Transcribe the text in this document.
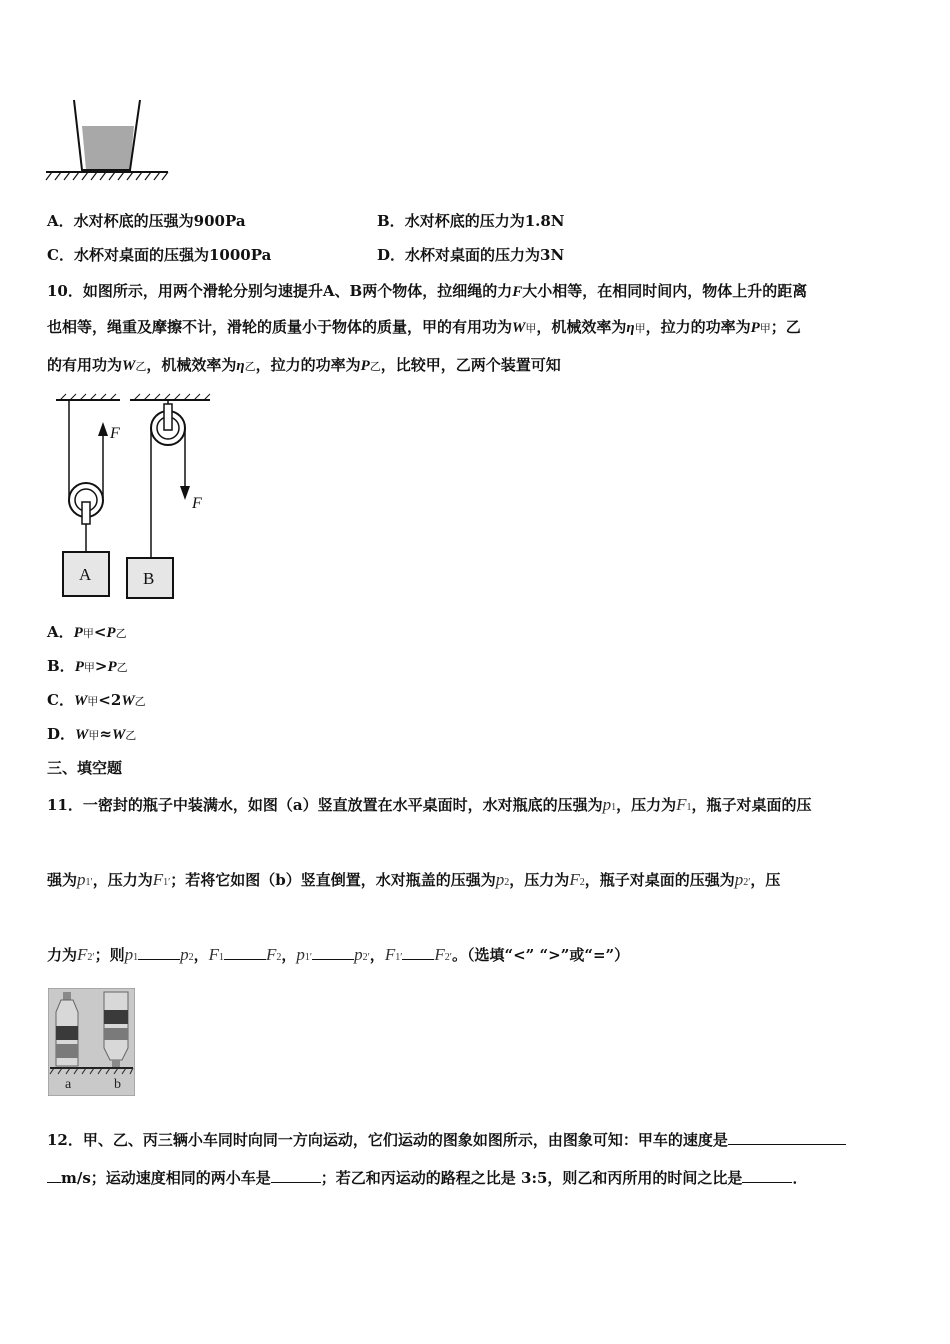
A．水对杯底的压强为900Pa	B．水对杯底的压力为1.8N
C．水杯对桌面的压强为1000Pa	D．水杯对桌面的压力为3N
10．如图所示，用两个滑轮分别匀速提升A、B两个物体，拉细绳的力F大小相等，在相同时间内，物体上升的距离
也相等，绳重及摩擦不计，滑轮的质量小于物体的质量，甲的有用功为W甲，机械效率为η甲，拉力的功率为P甲；乙
的有用功为W乙，机械效率为η乙，拉力的功率为P乙，比较甲，乙两个装置可知
F
A
F
B
A．P甲<P乙
B．P甲>P乙
C．W甲<2W乙
D．W甲≈W乙
三、填空题
11．一密封的瓶子中装满水，如图（a）竖直放置在水平桌面时，水对瓶底的压强为p1，压力为F1，瓶子对桌面的压
强为p1′，压力为F1′；若将它如图（b）竖直倒置，水对瓶盖的压强为p2，压力为F2，瓶子对桌面的压强为p2′，压
力为F2′；则p1 p2，F1 F2，p1′ p2′，F1′ F2′。（选填“<” “>”或“=”）
a	b
12．甲、乙、丙三辆小车同时向同一方向运动，它们运动的图象如图所示，由图象可知：甲车的速度是
m/s；运动速度相同的两小车是	；若乙和丙运动的路程之比是 3:5，则乙和丙所用的时间之比是	．
